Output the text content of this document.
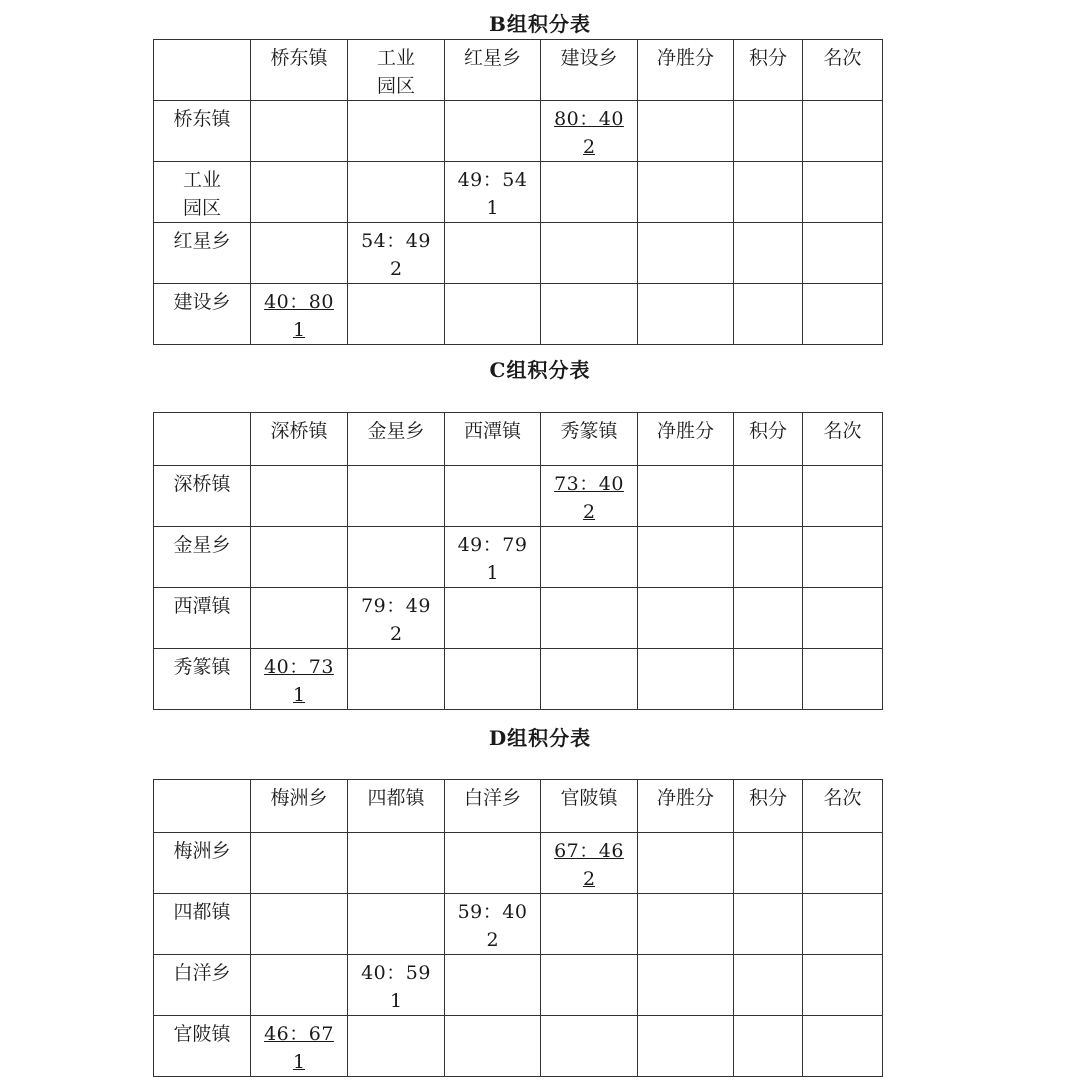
B组积分表

	桥东镇	工业园区	红星乡	建设乡	净胜分	积分	名次

桥东镇				80：40
2			

工业园区			49：54
1				

红星乡		54：49
2					

建设乡	40：80
1						

C组积分表

	深桥镇	金星乡	西潭镇	秀篆镇	净胜分	积分	名次

深桥镇				73：40
2			

金星乡			49：79
1				

西潭镇		79：49
2					

秀篆镇	40：73
1						

D组积分表

	梅洲乡	四都镇	白洋乡	官陂镇	净胜分	积分	名次

梅洲乡				67：46
2			

四都镇			59：40
2				

白洋乡		40：59
1					

官陂镇	46：67
1						
